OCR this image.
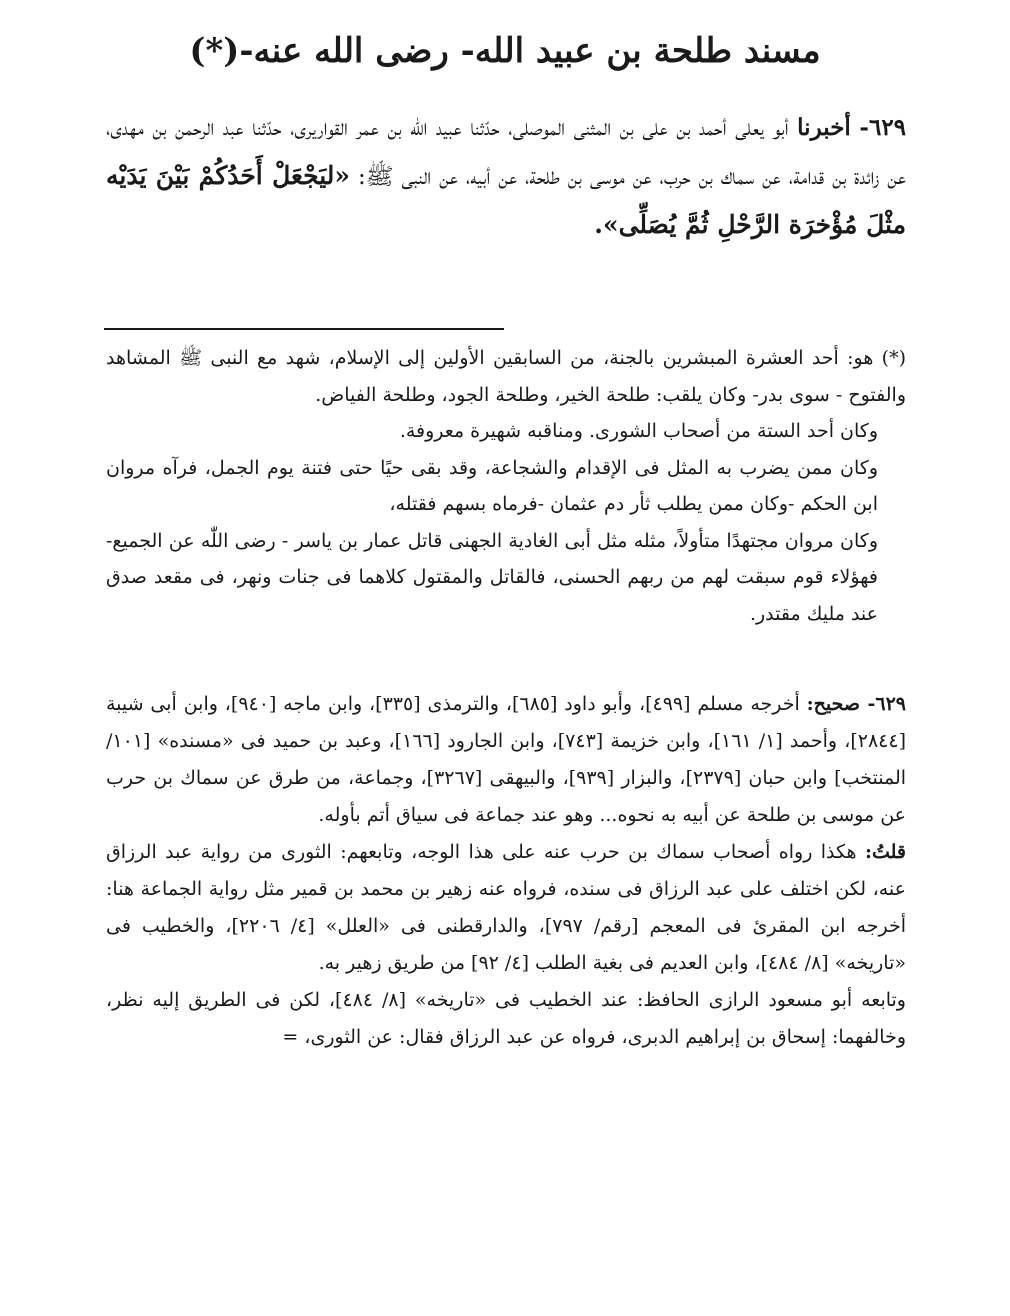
مسند طلحة بن عبيد الله- رضى الله عنه-(*)
٦٢٩- أخبرنا أبو يعلى أحمد بن على بن المثنى الموصلى، حدّثنا عبيد اللّٰه بن عمر القواريرى، حدّثنا عبد الرحمن بن مهدى، عن زائدة بن قدامة، عن سماك بن حرب، عن موسى بن طلحة، عن أبيه، عن النبى ﷺ: «ليَجْعَلْ أَحَدُكُمْ بَيْنَ يَدَيْه مثْلَ مُؤْخرَة الرَّحْلِ ثُمَّ يُصَلِّى».

(*) هو: أحد العشرة المبشرين بالجنة، من السابقين الأولين إلى الإسلام، شهد مع النبى ﷺ المشاهد والفتوح - سوى بدر- وكان يلقب: طلحة الخير، وطلحة الجود، وطلحة الفياض.

وكان أحد الستة من أصحاب الشورى. ومناقبه شهيرة معروفة.

وكان ممن يضرب به المثل فى الإقدام والشجاعة، وقد بقى حيًا حتى فتنة يوم الجمل، فرآه مروان ابن الحكم -وكان ممن يطلب ثأر دم عثمان -فرماه بسهم فقتله،

وكان مروان مجتهدًا متأولاً، مثله مثل أبى الغادية الجهنى قاتل عمار بن ياسر - رضى اللّٰه عن الجميع- فهؤلاء قوم سبقت لهم من ربهم الحسنى، فالقاتل والمقتول كلاهما فى جنات ونهر، فى مقعد صدق عند مليك مقتدر.

٦٢٩- صحيح: أخرجه مسلم [٤٩٩]، وأبو داود [٦٨٥]، والترمذى [٣٣٥]، وابن ماجه [٩٤٠]، وابن أبى شيبة [٢٨٤٤]، وأحمد [١/ ١٦١]، وابن خزيمة [٧٤٣]، وابن الجارود [١٦٦]، وعبد بن حميد فى «مسنده» [١٠١/ المنتخب] وابن حبان [٢٣٧٩]، والبزار [٩٣٩]، والبيهقى [٣٢٦٧]، وجماعة، من طرق عن سماك بن حرب عن موسى بن طلحة عن أبيه به نحوه... وهو عند جماعة فى سياق أتم بأوله.

قلتُ: هكذا رواه أصحاب سماك بن حرب عنه على هذا الوجه، وتابعهم: الثورى من رواية عبد الرزاق عنه، لكن اختلف على عبد الرزاق فى سنده، فرواه عنه زهير بن محمد بن قمير مثل رواية الجماعة هنا: أخرجه ابن المقرئ فى المعجم [رقم/ ٧٩٧]، والدارقطنى فى «العلل» [٤/ ٢٢٠٦]، والخطيب فى «تاريخه» [٨/ ٤٨٤]، وابن العديم فى بغية الطلب [٤/ ٩٢] من طريق زهير به.

وتابعه أبو مسعود الرازى الحافظ: عند الخطيب فى «تاريخه» [٨/ ٤٨٤]، لكن فى الطريق إليه نظر، وخالفهما: إسحاق بن إبراهيم الدبرى، فرواه عن عبد الرزاق فقال: عن الثورى، =
